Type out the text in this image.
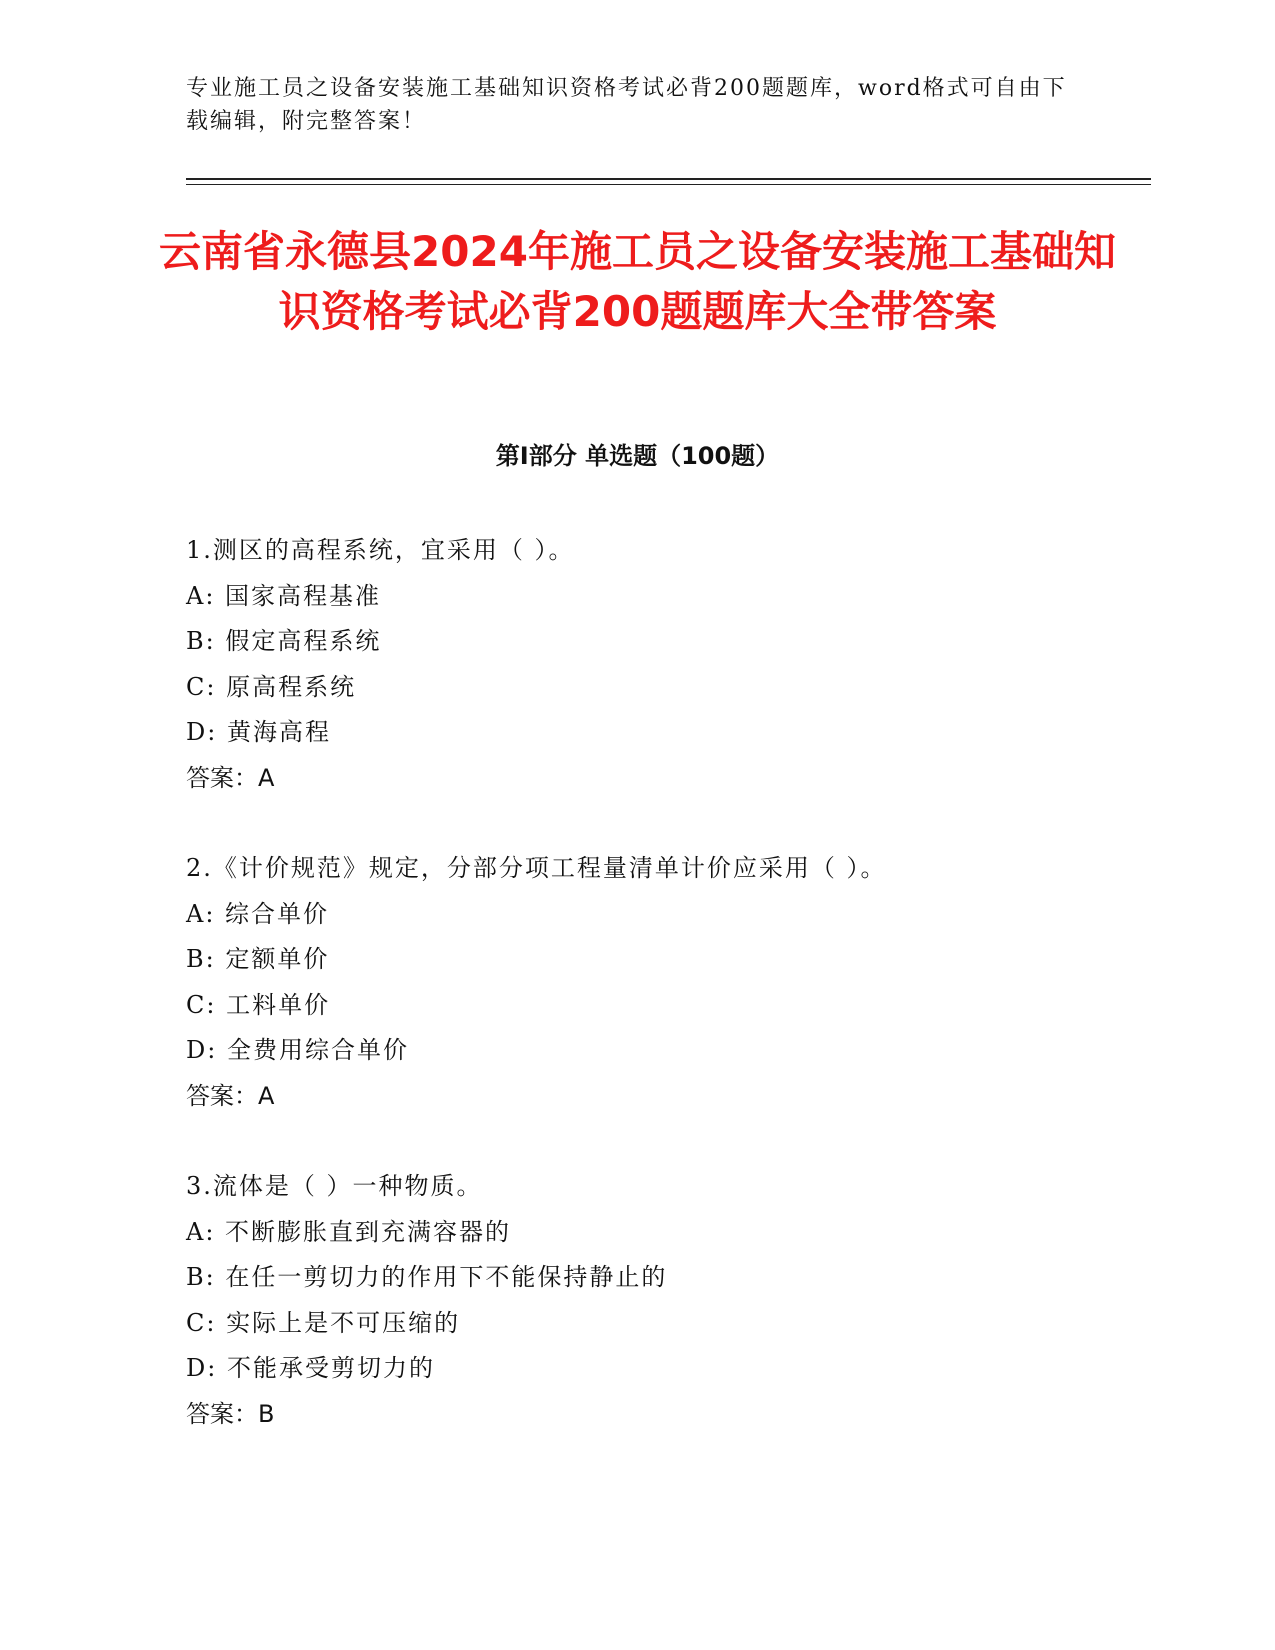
专业施工员之设备安装施工基础知识资格考试必背200题题库，word格式可自由下载编辑，附完整答案！
云南省永德县2024年施工员之设备安装施工基础知识资格考试必背200题题库大全带答案
第I部分 单选题（100题）
1.测区的高程系统，宜采用（ ）。
A: 国家高程基准
B: 假定高程系统
C: 原高程系统
D: 黄海高程
答案：A
2.《计价规范》规定，分部分项工程量清单计价应采用（ ）。
A: 综合单价
B: 定额单价
C: 工料单价
D: 全费用综合单价
答案：A
3.流体是（ ）一种物质。
A: 不断膨胀直到充满容器的
B: 在任一剪切力的作用下不能保持静止的
C: 实际上是不可压缩的
D: 不能承受剪切力的
答案：B
